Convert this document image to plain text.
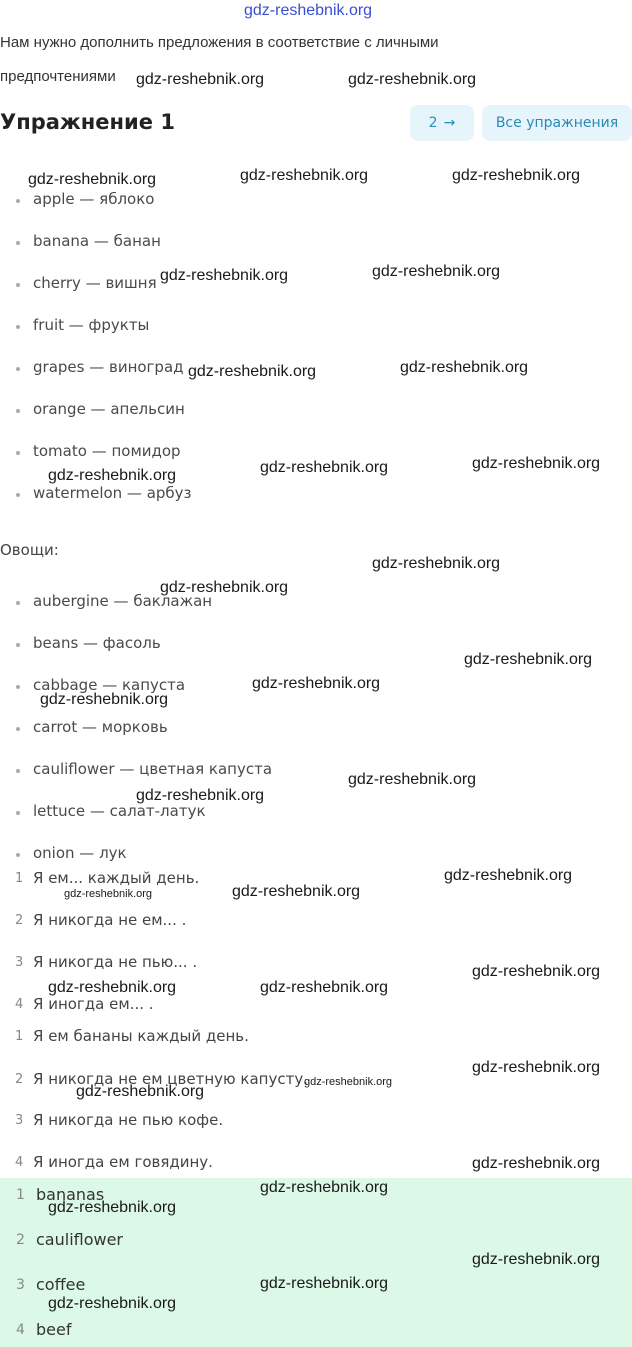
gdz-reshebnik.org
Нам нужно дополнить предложения в соответствие с личными
предпочтениями
Упражнение 1	2 →	Все упражнения
apple — яблоко
banana — банан
cherry — вишня
fruit — фрукты
grapes — виноград
orange — апельсин
tomato — помидор
watermelon — арбуз
Овощи:
aubergine — баклажан
beans — фасоль
cabbage — капуста
carrot — морковь
cauliflower — цветная капуста
lettuce — салат-латук
onion — лук
1 Я ем... каждый день.
2 Я никогда не ем... .
3 Я никогда не пью... .
4 Я иногда ем... .
1 Я ем бананы каждый день.
2 Я никогда не ем цветную капусту.
3 Я никогда не пью кофе.
4 Я иногда ем говядину.
1 bananas
2 cauliflower
3 coffee
4 beef
gdz-reshebnik.org	gdz-reshebnik.org
gdz-reshebnik.org	gdz-reshebnik.org	gdz-reshebnik.org
gdz-reshebnik.org	gdz-reshebnik.org
gdz-reshebnik.org	gdz-reshebnik.org
gdz-reshebnik.org	gdz-reshebnik.org	gdz-reshebnik.org
gdz-reshebnik.org
gdz-reshebnik.org
gdz-reshebnik.org
gdz-reshebnik.org
gdz-reshebnik.org
gdz-reshebnik.org
gdz-reshebnik.org
gdz-reshebnik.org
gdz-reshebnik.org	gdz-reshebnik.org
gdz-reshebnik.org
gdz-reshebnik.org	gdz-reshebnik.org
gdz-reshebnik.org
gdz-reshebnik.org
gdz-reshebnik.org
gdz-reshebnik.org
gdz-reshebnik.org
gdz-reshebnik.org
gdz-reshebnik.org
gdz-reshebnik.org
gdz-reshebnik.org
